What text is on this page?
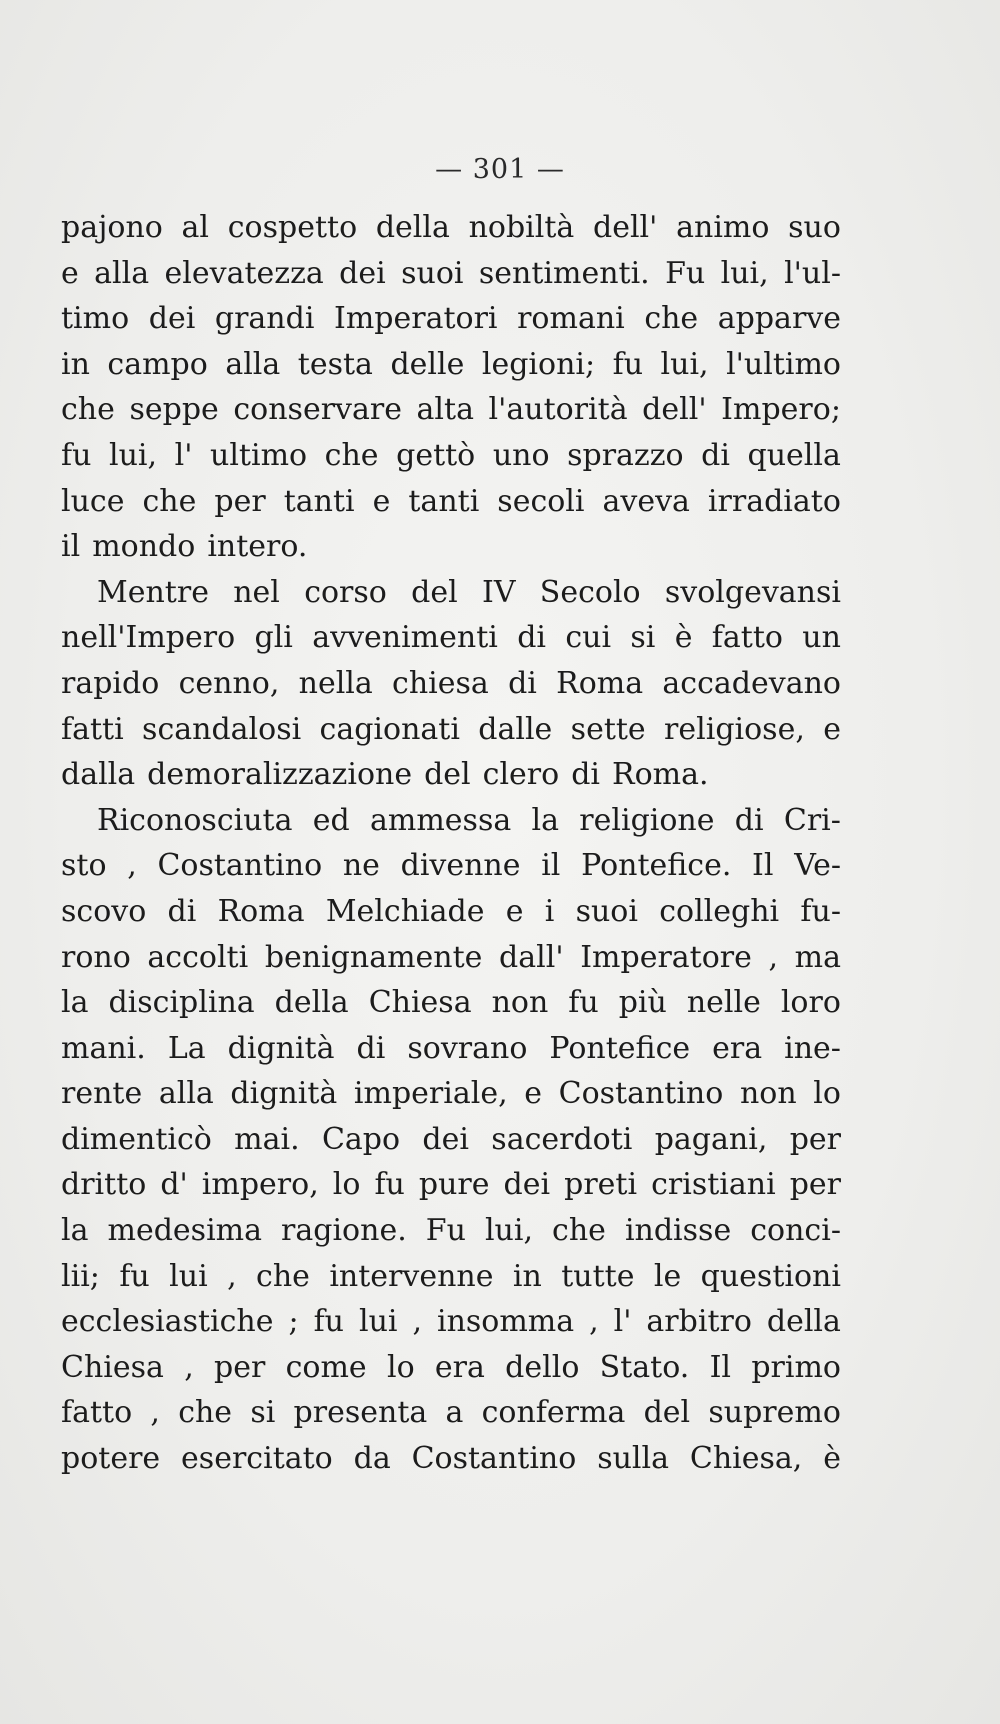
— 301 —
pajono al cospetto della nobiltà dell' animo suo
e alla elevatezza dei suoi sentimenti. Fu lui, l'ul-
timo dei grandi Imperatori romani che apparve
in campo alla testa delle legioni; fu lui, l'ultimo
che seppe conservare alta l'autorità dell' Impero;
fu lui, l' ultimo che gettò uno sprazzo di quella
luce che per tanti e tanti secoli aveva irradiato
il mondo intero.
Mentre nel corso del IV Secolo svolgevansi
nell'Impero gli avvenimenti di cui si è fatto un
rapido cenno, nella chiesa di Roma accadevano
fatti scandalosi cagionati dalle sette religiose, e
dalla demoralizzazione del clero di Roma.
Riconosciuta ed ammessa la religione di Cri-
sto , Costantino ne divenne il Pontefice. Il Ve-
scovo di Roma Melchiade e i suoi colleghi fu-
rono accolti benignamente dall' Imperatore , ma
la disciplina della Chiesa non fu più nelle loro
mani. La dignità di sovrano Pontefice era ine-
rente alla dignità imperiale, e Costantino non lo
dimenticò mai. Capo dei sacerdoti pagani, per
dritto d' impero, lo fu pure dei preti cristiani per
la medesima ragione. Fu lui, che indisse conci-
lii; fu lui , che intervenne in tutte le questioni
ecclesiastiche ; fu lui , insomma , l' arbitro della
Chiesa , per come lo era dello Stato. Il primo
fatto , che si presenta a conferma del supremo
potere esercitato da Costantino sulla Chiesa, è
